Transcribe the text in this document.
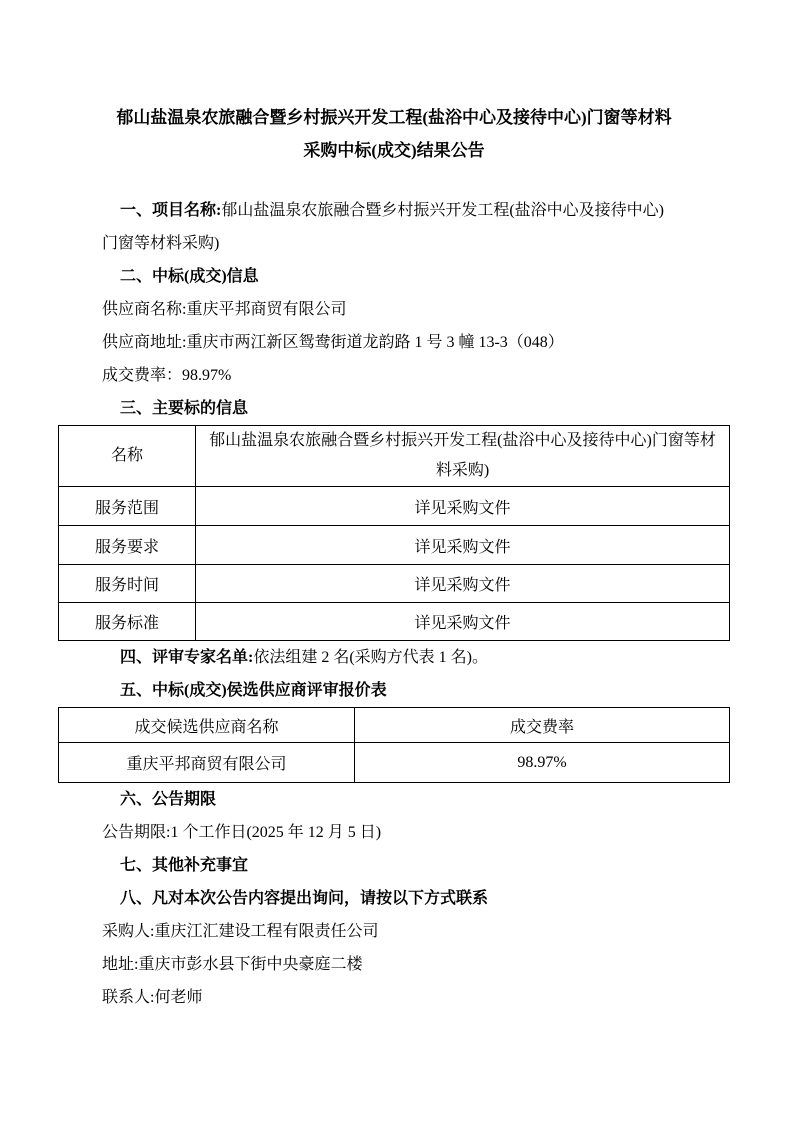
郁山盐温泉农旅融合暨乡村振兴开发工程(盐浴中心及接待中心)门窗等材料
采购中标(成交)结果公告
一、项目名称:郁山盐温泉农旅融合暨乡村振兴开发工程(盐浴中心及接待中心)
门窗等材料采购)
二、中标(成交)信息
供应商名称:重庆平邦商贸有限公司
供应商地址:重庆市两江新区鸳鸯街道龙韵路 1 号 3 幢 13-3（048）
成交费率：98.97%
三、主要标的信息
名称	郁山盐温泉农旅融合暨乡村振兴开发工程(盐浴中心及接待中心)门窗等材
料采购)

服务范围	详见采购文件
服务要求	详见采购文件
服务时间	详见采购文件
服务标准	详见采购文件
四、评审专家名单:依法组建 2 名(采购方代表 1 名)。
五、中标(成交)侯选供应商评审报价表
成交候选供应商名称	成交费率
重庆平邦商贸有限公司	98.97%
六、公告期限
公告期限:1 个工作日(2025 年 12 月 5 日)
七、其他补充事宜
八、凡对本次公告内容提出询问，请按以下方式联系
采购人:重庆江汇建设工程有限责任公司
地址:重庆市彭水县下街中央豪庭二楼
联系人:何老师
